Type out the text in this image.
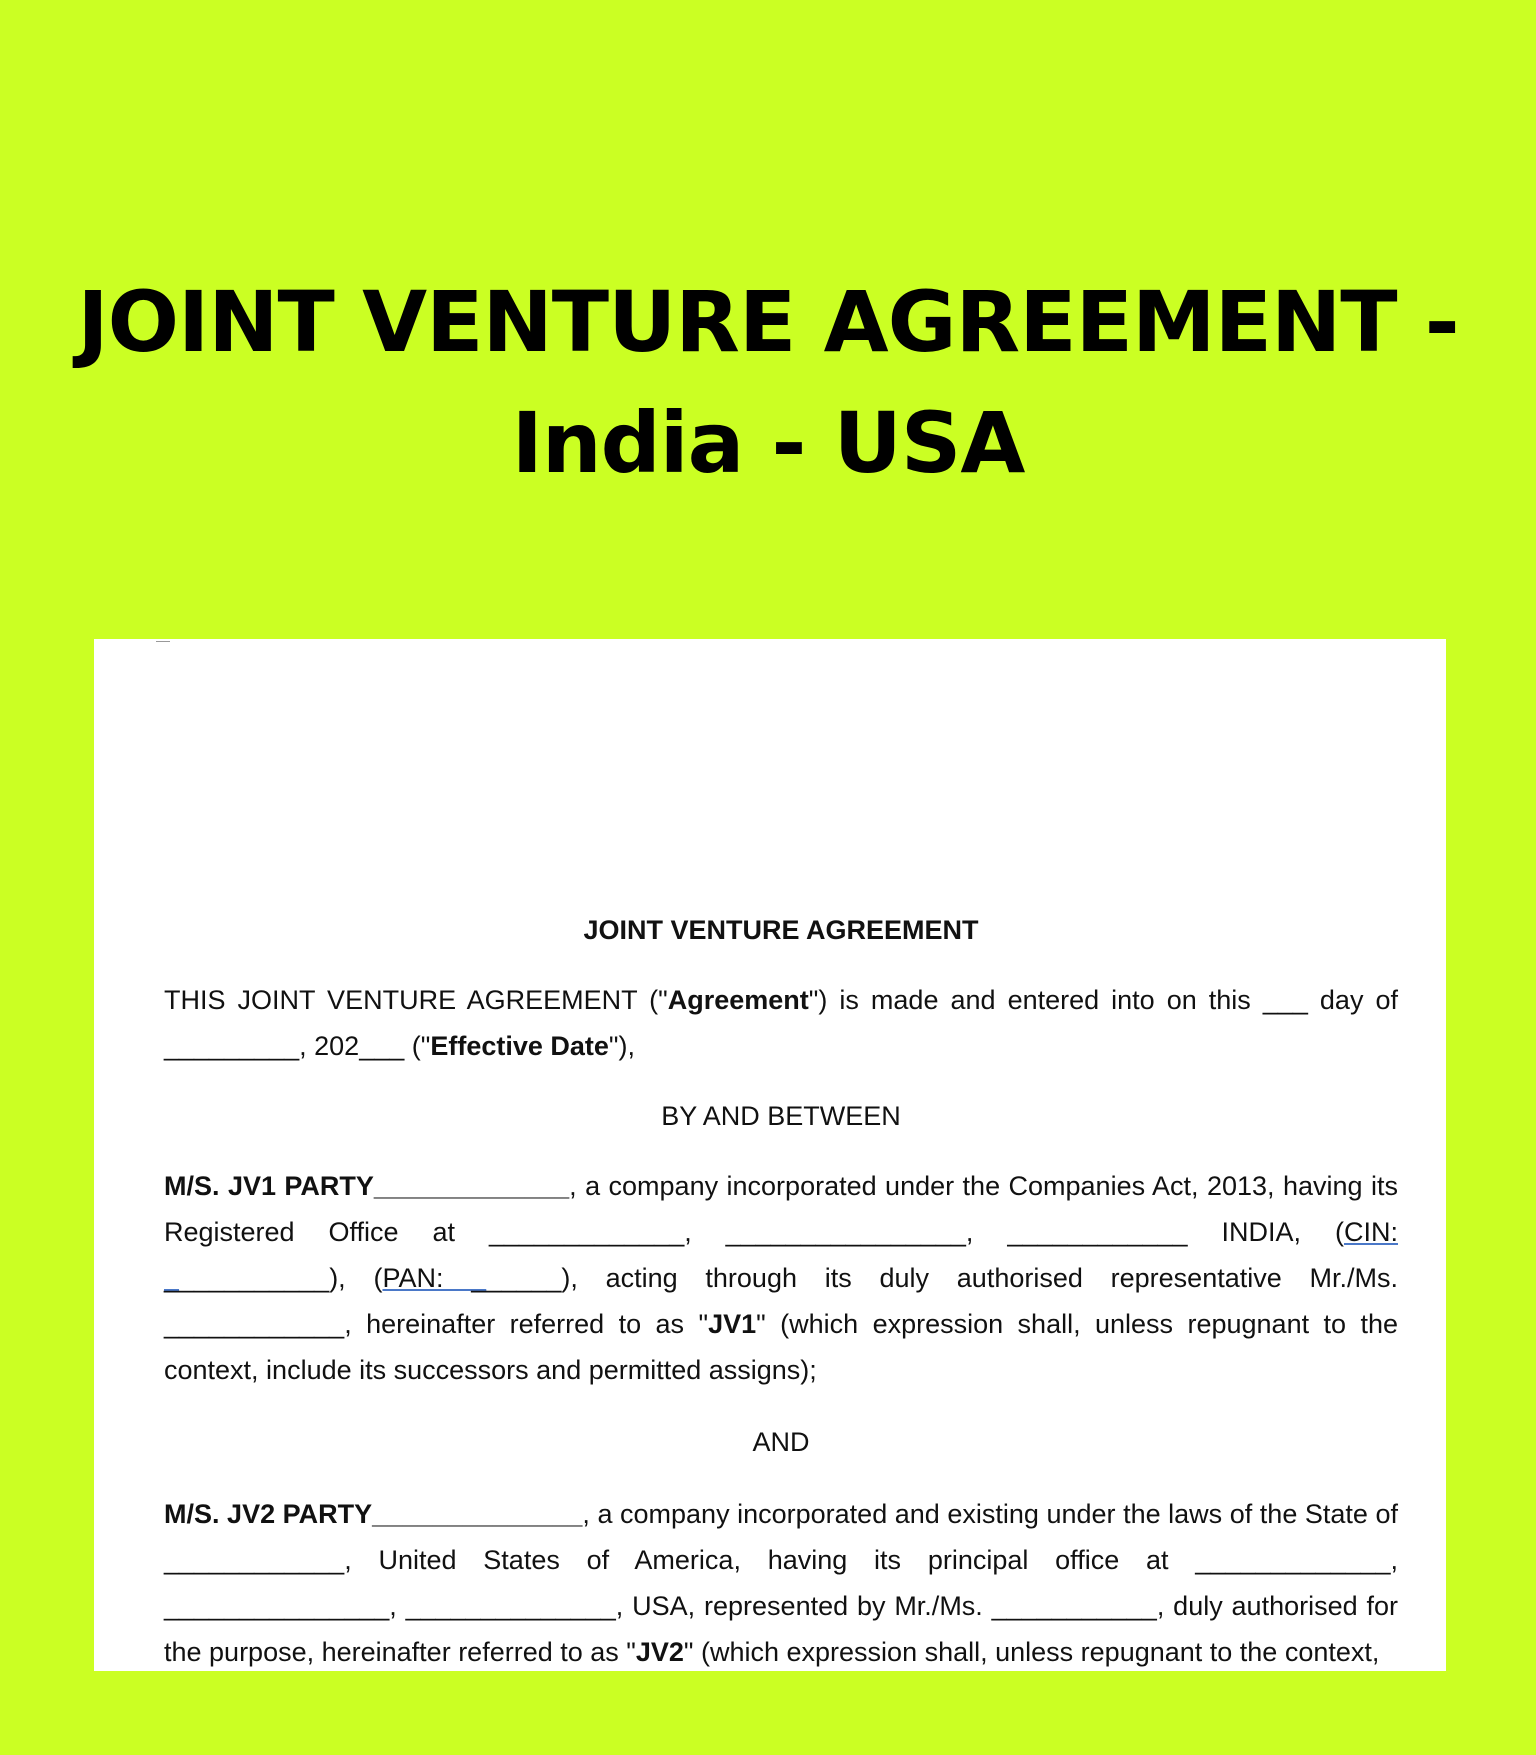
JOINT VENTURE AGREEMENT -
India - USA

JOINT VENTURE AGREEMENT

THIS JOINT VENTURE AGREEMENT ("Agreement") is made and entered into on this ___ day of _________, 202___ ("Effective Date"),

BY AND BETWEEN

M/S. JV1 PARTY_____________, a company incorporated under the Companies Act, 2013, having its Registered Office at _____________, ________________, ____________ INDIA, (CIN: ___________), (PAN: ______), acting through its duly authorised representative Mr./Ms. ____________, hereinafter referred to as "JV1" (which expression shall, unless repugnant to the context, include its successors and permitted assigns);

AND

M/S. JV2 PARTY______________, a company incorporated and existing under the laws of the State of ____________, United States of America, having its principal office at _____________, _______________, ______________, USA, represented by Mr./Ms. ___________, duly authorised for the purpose, hereinafter referred to as "JV2" (which expression shall, unless repugnant to the context,
